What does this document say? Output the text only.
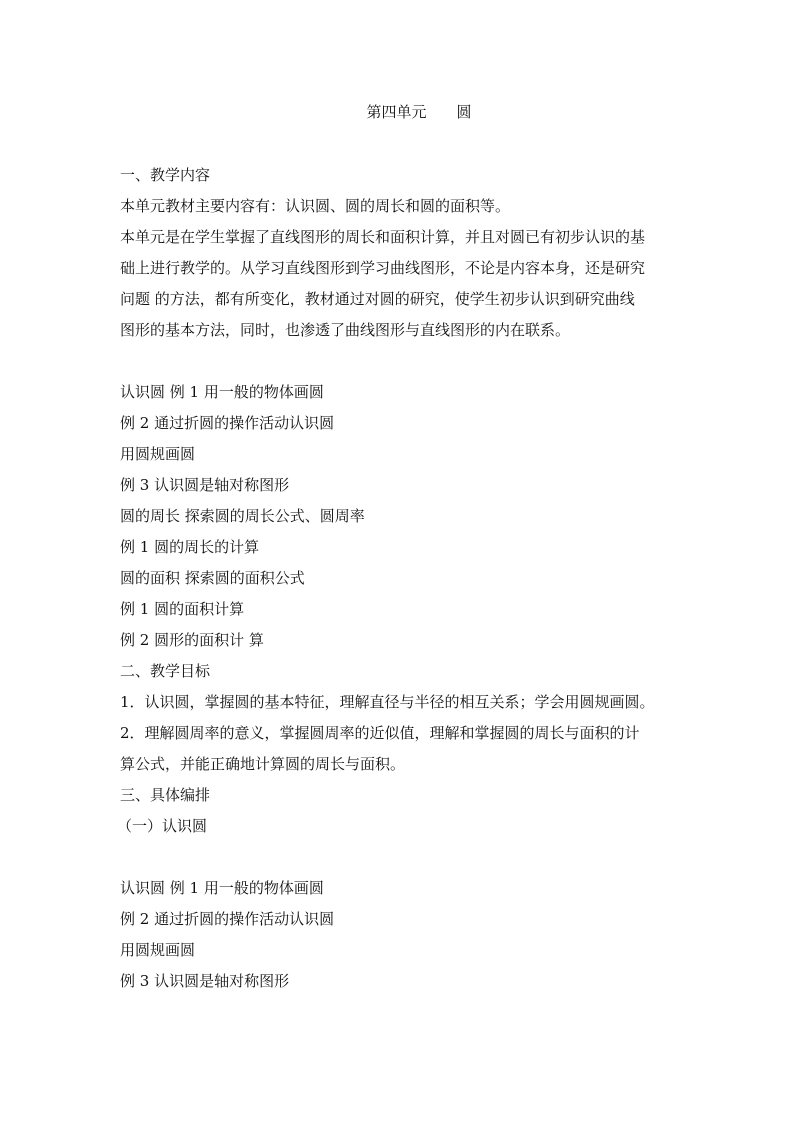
第四单元　　圆
一、教学内容
本单元教材主要内容有：认识圆、圆的周长和圆的面积等。
本单元是在学生掌握了直线图形的周长和面积计算，并且对圆已有初步认识的基
础上进行教学的。从学习直线图形到学习曲线图形，不论是内容本身，还是研究
问题 的方法，都有所变化，教材通过对圆的研究，使学生初步认识到研究曲线
图形的基本方法，同时，也渗透了曲线图形与直线图形的内在联系。
认识圆 例 1 用一般的物体画圆
例 2 通过折圆的操作活动认识圆
用圆规画圆
例 3 认识圆是轴对称图形
圆的周长 探索圆的周长公式、圆周率
例 1 圆的周长的计算
圆的面积 探索圆的面积公式
例 1 圆的面积计算
例 2 圆形的面积计 算
二、教学目标
1．认识圆，掌握圆的基本特征，理解直径与半径的相互关系；学会用圆规画圆。
2．理解圆周率的意义，掌握圆周率的近似值，理解和掌握圆的周长与面积的计
算公式，并能正确地计算圆的周长与面积。
三、具体编排
（一）认识圆
认识圆 例 1 用一般的物体画圆
例 2 通过折圆的操作活动认识圆
用圆规画圆
例 3 认识圆是轴对称图形
